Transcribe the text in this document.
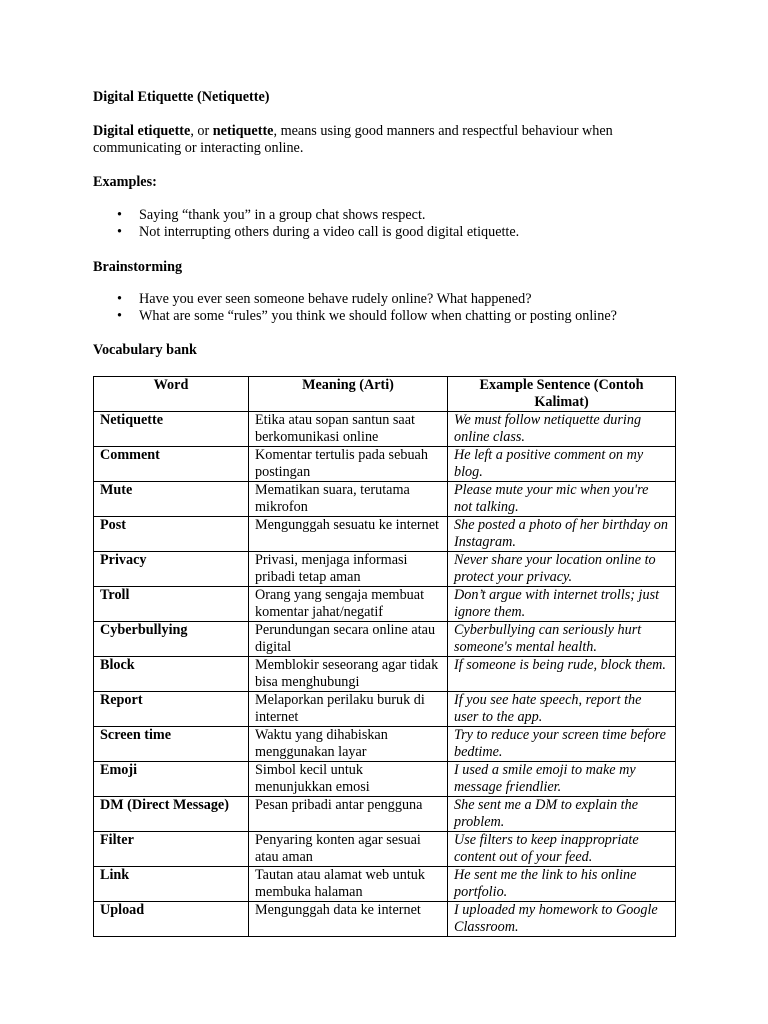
Digital Etiquette (Netiquette)
Digital etiquette, or netiquette, means using good manners and respectful behaviour when communicating or interacting online.
Examples:
• Saying “thank you” in a group chat shows respect.
• Not interrupting others during a video call is good digital etiquette.
Brainstorming
• Have you ever seen someone behave rudely online? What happened?
• What are some “rules” you think we should follow when chatting or posting online?
Vocabulary bank
Word	Meaning (Arti)	Example Sentence (Contoh Kalimat)
Netiquette	Etika atau sopan santun saat berkomunikasi online	We must follow netiquette during online class.
Comment	Komentar tertulis pada sebuah postingan	He left a positive comment on my blog.
Mute	Mematikan suara, terutama mikrofon	Please mute your mic when you're not talking.
Post	Mengunggah sesuatu ke internet	She posted a photo of her birthday on Instagram.
Privacy	Privasi, menjaga informasi pribadi tetap aman	Never share your location online to protect your privacy.
Troll	Orang yang sengaja membuat komentar jahat/negatif	Don’t argue with internet trolls; just ignore them.
Cyberbullying	Perundungan secara online atau digital	Cyberbullying can seriously hurt someone's mental health.
Block	Memblokir seseorang agar tidak bisa menghubungi	If someone is being rude, block them.
Report	Melaporkan perilaku buruk di internet	If you see hate speech, report the user to the app.
Screen time	Waktu yang dihabiskan menggunakan layar	Try to reduce your screen time before bedtime.
Emoji	Simbol kecil untuk menunjukkan emosi	I used a smile emoji to make my message friendlier.
DM (Direct Message)	Pesan pribadi antar pengguna	She sent me a DM to explain the problem.
Filter	Penyaring konten agar sesuai atau aman	Use filters to keep inappropriate content out of your feed.
Link	Tautan atau alamat web untuk membuka halaman	He sent me the link to his online portfolio.
Upload	Mengunggah data ke internet	I uploaded my homework to Google Classroom.
